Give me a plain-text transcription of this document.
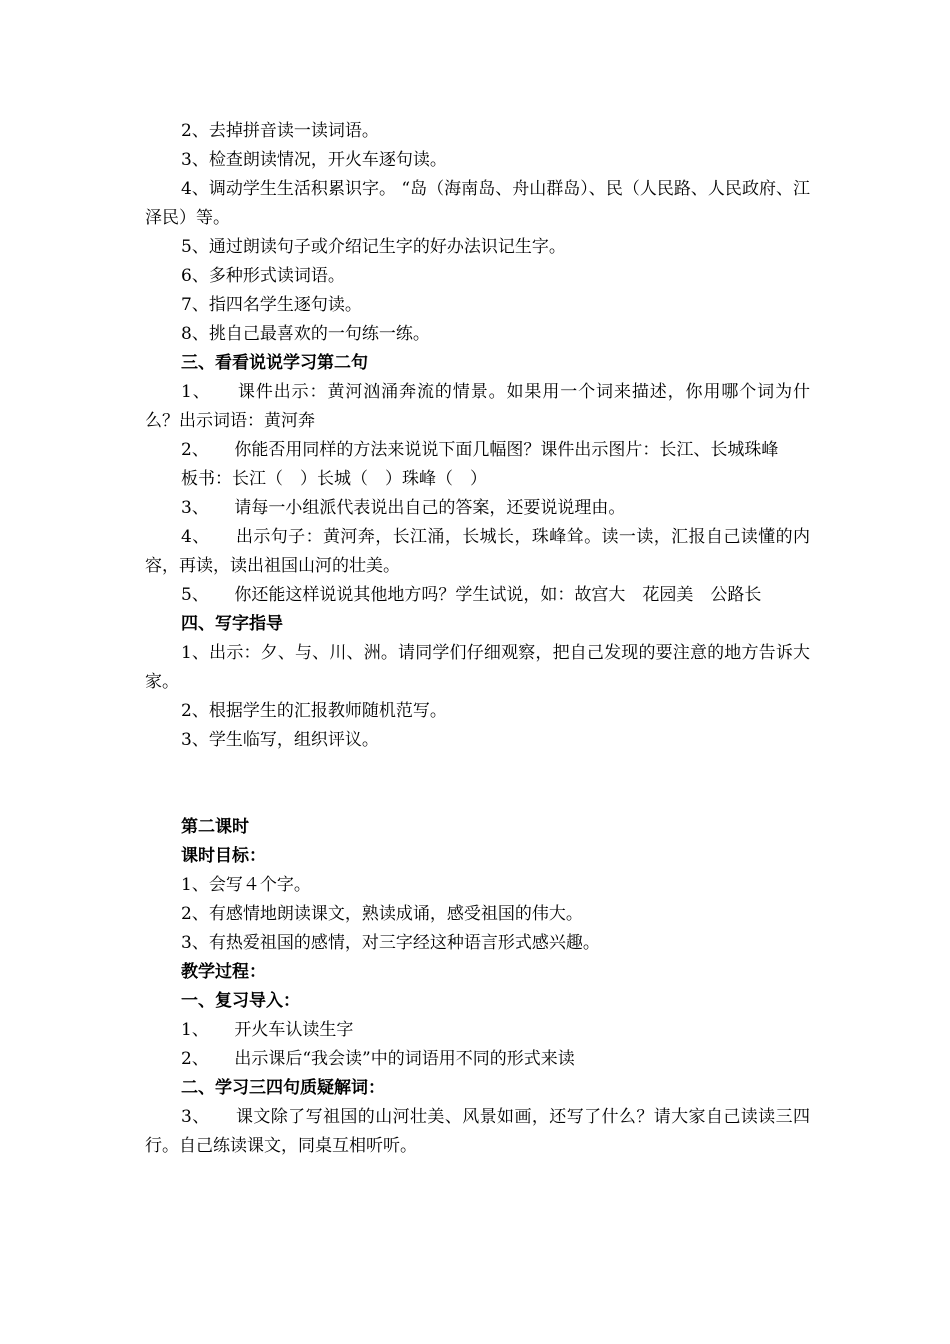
2、去掉拼音读一读词语。

3、检查朗读情况，开火车逐句读。

4、调动学生生活积累识字。 “岛（海南岛、舟山群岛）、民（人民路、人民政府、江泽民）等。

5、通过朗读句子或介绍记生字的好办法识记生字。

6、多种形式读词语。

7、指四名学生逐句读。

8、挑自己最喜欢的一句练一练。

三、看看说说学习第二句

1、　　课件出示：黄河汹涌奔流的情景。如果用一个词来描述，你用哪个词为什么？出示词语：黄河奔

2、　　你能否用同样的方法来说说下面几幅图？课件出示图片：长江、长城珠峰

板书：长江（　）长城（　）珠峰（　）

3、　　请每一小组派代表说出自己的答案，还要说说理由。

4、　　出示句子：黄河奔，长江涌，长城长，珠峰耸。读一读，汇报自己读懂的内容，再读，读出祖国山河的壮美。

5、　　你还能这样说说其他地方吗？学生试说，如：故宫大　花园美　公路长

四、写字指导

1、出示：夕、与、川、洲。请同学们仔细观察，把自己发现的要注意的地方告诉大家。

2、根据学生的汇报教师随机范写。

3、学生临写，组织评议。

第二课时

课时目标：

1、会写４个字。

2、有感情地朗读课文，熟读成诵，感受祖国的伟大。

3、有热爱祖国的感情，对三字经这种语言形式感兴趣。

教学过程：

一、复习导入：

1、　　开火车认读生字

2、　　出示课后“我会读”中的词语用不同的形式来读

二、学习三四句质疑解词：

3、　　课文除了写祖国的山河壮美、风景如画，还写了什么？请大家自己读读三四行。自己练读课文，同桌互相听听。
